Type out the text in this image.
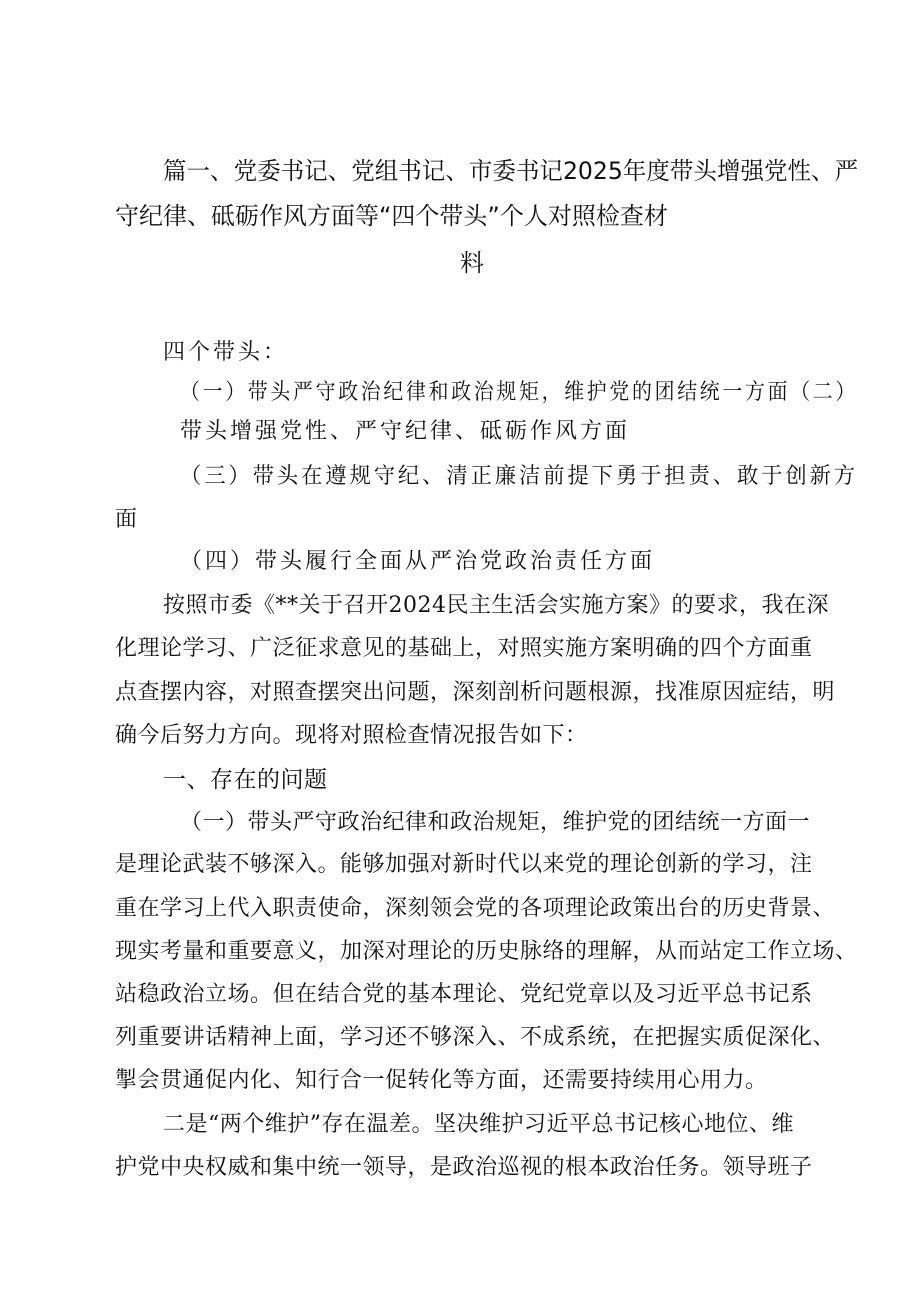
篇一、党委书记、党组书记、市委书记2025年度带头增强党性、严
守纪律、砥砺作风方面等“四个带头”个人对照检查材
料
四个带头：
（一）带头严守政治纪律和政治规矩，维护党的团结统一方面（二）
带头增强党性、严守纪律、砥砺作风方面
（三）带头在遵规守纪、清正廉洁前提下勇于担责、敢于创新方
面
（四）带头履行全面从严治党政治责任方面
按照市委《**关于召开2024民主生活会实施方案》的要求，我在深
化理论学习、广泛征求意见的基础上，对照实施方案明确的四个方面重
点查摆内容，对照查摆突出问题，深刻剖析问题根源，找准原因症结，明
确今后努力方向。现将对照检查情况报告如下：
一、存在的问题
（一）带头严守政治纪律和政治规矩，维护党的团结统一方面一
是理论武装不够深入。能够加强对新时代以来党的理论创新的学习，注
重在学习上代入职责使命，深刻领会党的各项理论政策出台的历史背景、
现实考量和重要意义，加深对理论的历史脉络的理解，从而站定工作立场、
站稳政治立场。但在结合党的基本理论、党纪党章以及习近平总书记系
列重要讲话精神上面，学习还不够深入、不成系统，在把握实质促深化、
掣会贯通促内化、知行合一促转化等方面，还需要持续用心用力。
二是“两个维护”存在温差。坚决维护习近平总书记核心地位、维
护党中央权威和集中统一领导，是政治巡视的根本政治任务。领导班子
